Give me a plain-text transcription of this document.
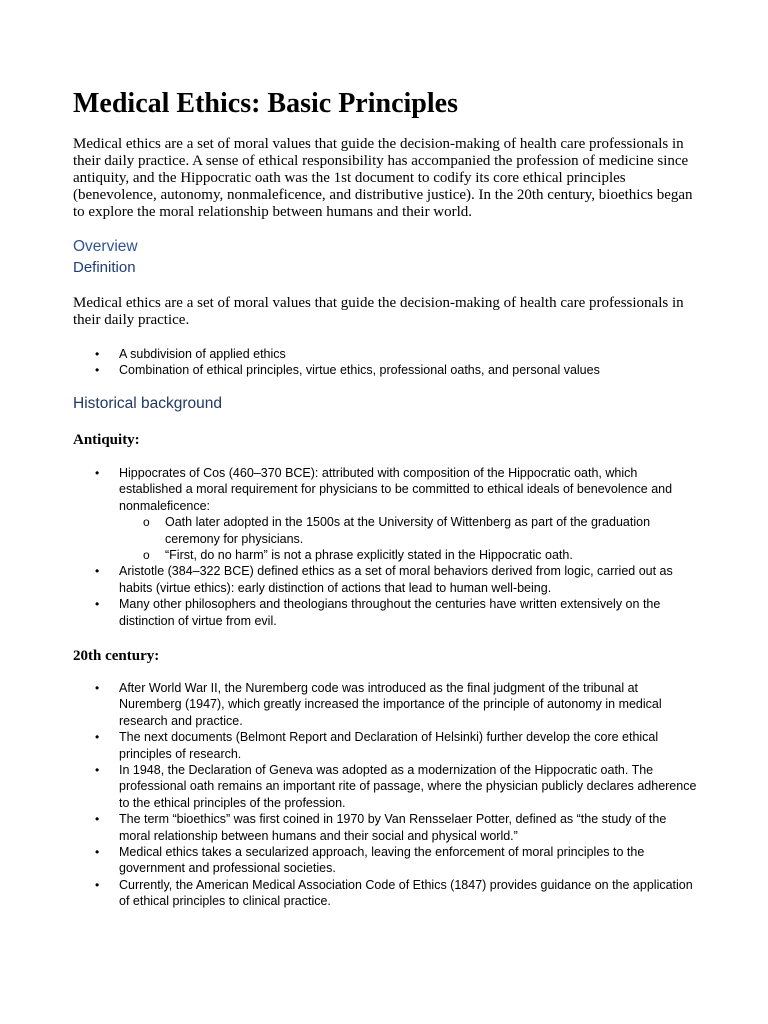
Medical Ethics: Basic Principles

Medical ethics are a set of moral values that guide the decision-making of health care professionals in their daily practice. A sense of ethical responsibility has accompanied the profession of medicine since antiquity, and the Hippocratic oath was the 1st document to codify its core ethical principles (benevolence, autonomy, nonmaleficence, and distributive justice). In the 20th century, bioethics began to explore the moral relationship between humans and their world.

Overview
Definition

Medical ethics are a set of moral values that guide the decision-making of health care professionals in their daily practice.

• A subdivision of applied ethics
• Combination of ethical principles, virtue ethics, professional oaths, and personal values
Historical background

Antiquity:

• Hippocrates of Cos (460–370 BCE): attributed with composition of the Hippocratic oath, which established a moral requirement for physicians to be committed to ethical ideals of benevolence and nonmaleficence:
o Oath later adopted in the 1500s at the University of Wittenberg as part of the graduation ceremony for physicians.
o “First, do no harm” is not a phrase explicitly stated in the Hippocratic oath.
• Aristotle (384–322 BCE) defined ethics as a set of moral behaviors derived from logic, carried out as habits (virtue ethics): early distinction of actions that lead to human well-being.
• Many other philosophers and theologians throughout the centuries have written extensively on the distinction of virtue from evil.

20th century:

• After World War II, the Nuremberg code was introduced as the final judgment of the tribunal at Nuremberg (1947), which greatly increased the importance of the principle of autonomy in medical research and practice.
• The next documents (Belmont Report and Declaration of Helsinki) further develop the core ethical principles of research.
• In 1948, the Declaration of Geneva was adopted as a modernization of the Hippocratic oath. The professional oath remains an important rite of passage, where the physician publicly declares adherence to the ethical principles of the profession.
• The term “bioethics” was first coined in 1970 by Van Rensselaer Potter, defined as “the study of the moral relationship between humans and their social and physical world.”
• Medical ethics takes a secularized approach, leaving the enforcement of moral principles to the government and professional societies.
• Currently, the American Medical Association Code of Ethics (1847) provides guidance on the application of ethical principles to clinical practice.
